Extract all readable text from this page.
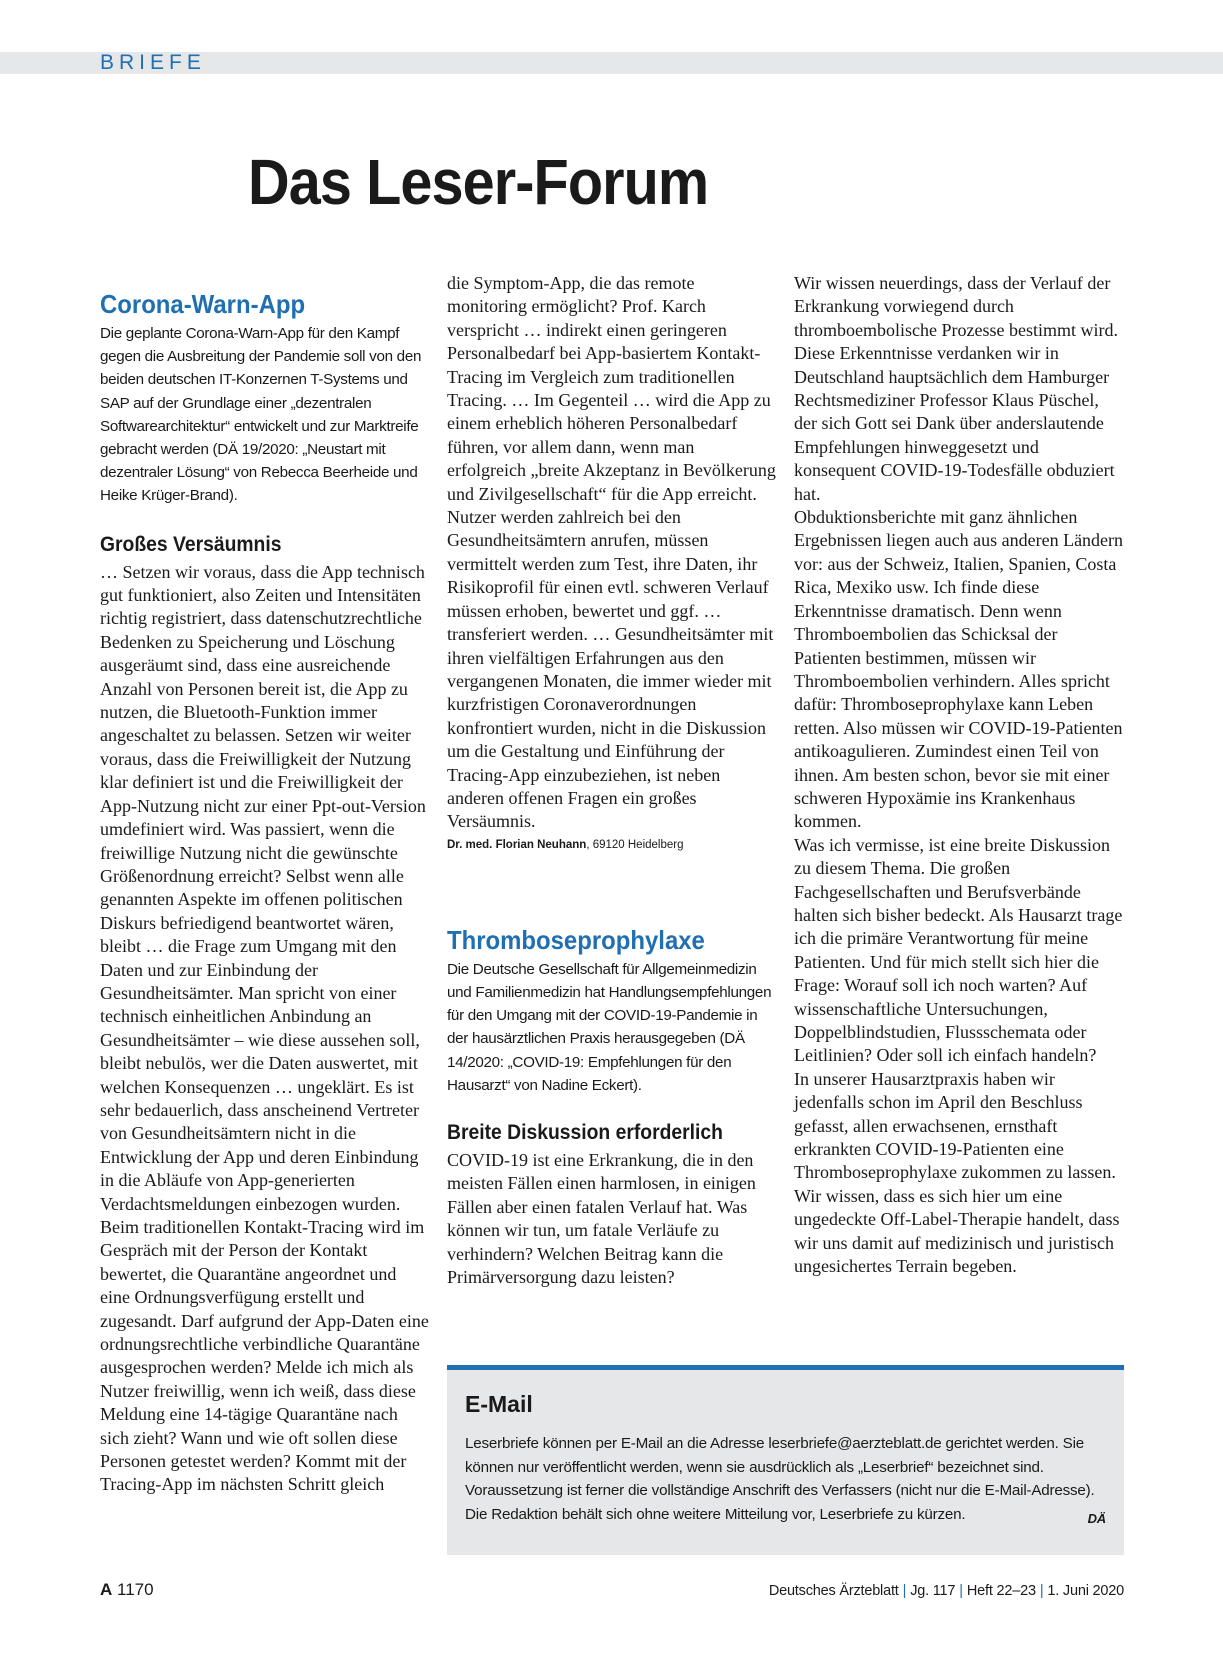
BRIEFE
Das Leser-Forum
Corona-Warn-App

Die geplante Corona-Warn-App für den Kampf gegen die Ausbreitung der Pandemie soll von den beiden deutschen IT-Konzernen T-Systems und SAP auf der Grundlage einer „dezentralen Softwarearchitektur“ entwickelt und zur Marktreife gebracht werden (DÄ 19/2020: „Neustart mit dezentraler Lösung“ von Rebecca Beerheide und Heike Krüger-Brand).

Großes Versäumnis

… Setzen wir voraus, dass die App technisch gut funktioniert, also Zeiten und Intensitäten richtig registriert, dass datenschutzrechtliche Bedenken zu Speicherung und Löschung ausgeräumt sind, dass eine ausreichende Anzahl von Personen bereit ist, die App zu nutzen, die Bluetooth-Funktion immer angeschaltet zu belassen. Setzen wir weiter voraus, dass die Freiwilligkeit der Nutzung klar definiert ist und die Freiwilligkeit der App-Nutzung nicht zur einer Ppt-out-Version umdefiniert wird. Was passiert, wenn die freiwillige Nutzung nicht die gewünschte Größenordnung erreicht? Selbst wenn alle genannten Aspekte im offenen politischen Diskurs befriedigend beantwortet wären, bleibt … die Frage zum Umgang mit den Daten und zur Einbindung der Gesundheitsämter. Man spricht von einer technisch einheitlichen Anbindung an Gesundheitsämter – wie diese aussehen soll, bleibt nebulös, wer die Daten auswertet, mit welchen Konsequenzen … ungeklärt. Es ist sehr bedauerlich, dass anscheinend Vertreter von Gesundheitsämtern nicht in die Entwicklung der App und deren Einbindung in die Abläufe von App-generierten Verdachtsmeldungen einbezogen wurden. Beim traditionellen Kontakt-Tracing wird im Gespräch mit der Person der Kontakt bewertet, die Quarantäne angeordnet und eine Ordnungsverfügung erstellt und zugesandt. Darf aufgrund der App-Daten eine ordnungsrechtliche verbindliche Quarantäne ausgesprochen werden? Melde ich mich als Nutzer freiwillig, wenn ich weiß, dass diese Meldung eine 14-tägige Quarantäne nach sich zieht? Wann und wie oft sollen diese Personen getestet werden? Kommt mit der Tracing-App im nächsten Schritt gleich

die Symptom-App, die das remote monitoring ermöglicht? Prof. Karch verspricht … indirekt einen geringeren Personalbedarf bei App-basiertem Kontakt-Tracing im Vergleich zum traditionellen Tracing. … Im Gegenteil … wird die App zu einem erheblich höheren Personalbedarf führen, vor allem dann, wenn man erfolgreich „breite Akzeptanz in Bevölkerung und Zivilgesellschaft“ für die App erreicht. Nutzer werden zahlreich bei den Gesundheitsämtern anrufen, müssen vermittelt werden zum Test, ihre Daten, ihr Risikoprofil für einen evtl. schweren Verlauf müssen erhoben, bewertet und ggf. … transferiert werden. … Gesundheitsämter mit ihren vielfältigen Erfahrungen aus den vergangenen Monaten, die immer wieder mit kurzfristigen Coronaverordnungen konfrontiert wurden, nicht in die Diskussion um die Gestaltung und Einführung der Tracing-App einzubeziehen, ist neben anderen offenen Fragen ein großes Versäumnis.

Dr. med. Florian Neuhann, 69120 Heidelberg

Thromboseprophylaxe

Die Deutsche Gesellschaft für Allgemeinmedizin und Familienmedizin hat Handlungsempfehlungen für den Umgang mit der COVID-19-Pandemie in der hausärztlichen Praxis herausgegeben (DÄ 14/2020: „COVID-19: Empfehlungen für den Hausarzt“ von Nadine Eckert).

Breite Diskussion erforderlich

COVID-19 ist eine Erkrankung, die in den meisten Fällen einen harmlosen, in einigen Fällen aber einen fatalen Verlauf hat. Was können wir tun, um fatale Verläufe zu verhindern? Welchen Beitrag kann die Primärversorgung dazu leisten?

Wir wissen neuerdings, dass der Verlauf der Erkrankung vorwiegend durch thromboembolische Prozesse bestimmt wird. Diese Erkenntnisse verdanken wir in Deutschland hauptsächlich dem Hamburger Rechtsmediziner Professor Klaus Püschel, der sich Gott sei Dank über anderslautende Empfehlungen hinweggesetzt und konsequent COVID-19-Todesfälle obduziert hat.

Obduktionsberichte mit ganz ähnlichen Ergebnissen liegen auch aus anderen Ländern vor: aus der Schweiz, Italien, Spanien, Costa Rica, Mexiko usw. Ich finde diese Erkenntnisse dramatisch. Denn wenn Thromboembolien das Schicksal der Patienten bestimmen, müssen wir Thromboembolien verhindern. Alles spricht dafür: Thromboseprophylaxe kann Leben retten. Also müssen wir COVID-19-Patienten antikoagulieren. Zumindest einen Teil von ihnen. Am besten schon, bevor sie mit einer schweren Hypoxämie ins Krankenhaus kommen.

Was ich vermisse, ist eine breite Diskussion zu diesem Thema. Die großen Fachgesellschaften und Berufsverbände halten sich bisher bedeckt. Als Hausarzt trage ich die primäre Verantwortung für meine Patienten. Und für mich stellt sich hier die Frage: Worauf soll ich noch warten? Auf wissenschaftliche Untersuchungen, Doppelblindstudien, Flussschemata oder Leitlinien? Oder soll ich einfach handeln?

In unserer Hausarztpraxis haben wir jedenfalls schon im April den Beschluss gefasst, allen erwachsenen, ernsthaft erkrankten COVID-19-Patienten eine Thromboseprophylaxe zukommen zu lassen.

Wir wissen, dass es sich hier um eine ungedeckte Off-Label-Therapie handelt, dass wir uns damit auf medizinisch und juristisch ungesichertes Terrain begeben.

E-Mail

Leserbriefe können per E-Mail an die Adresse leserbriefe@aerzteblatt.de gerichtet werden. Sie können nur veröffentlicht werden, wenn sie ausdrücklich als „Leserbrief“ bezeichnet sind. Voraussetzung ist ferner die vollständige Anschrift des Verfassers (nicht nur die E-Mail-Adresse). Die Redaktion behält sich ohne weitere Mitteilung vor, Leserbriefe zu kürzen.	DÄ

A 1170	Deutsches Ärzteblatt | Jg. 117 | Heft 22–23 | 1. Juni 2020
